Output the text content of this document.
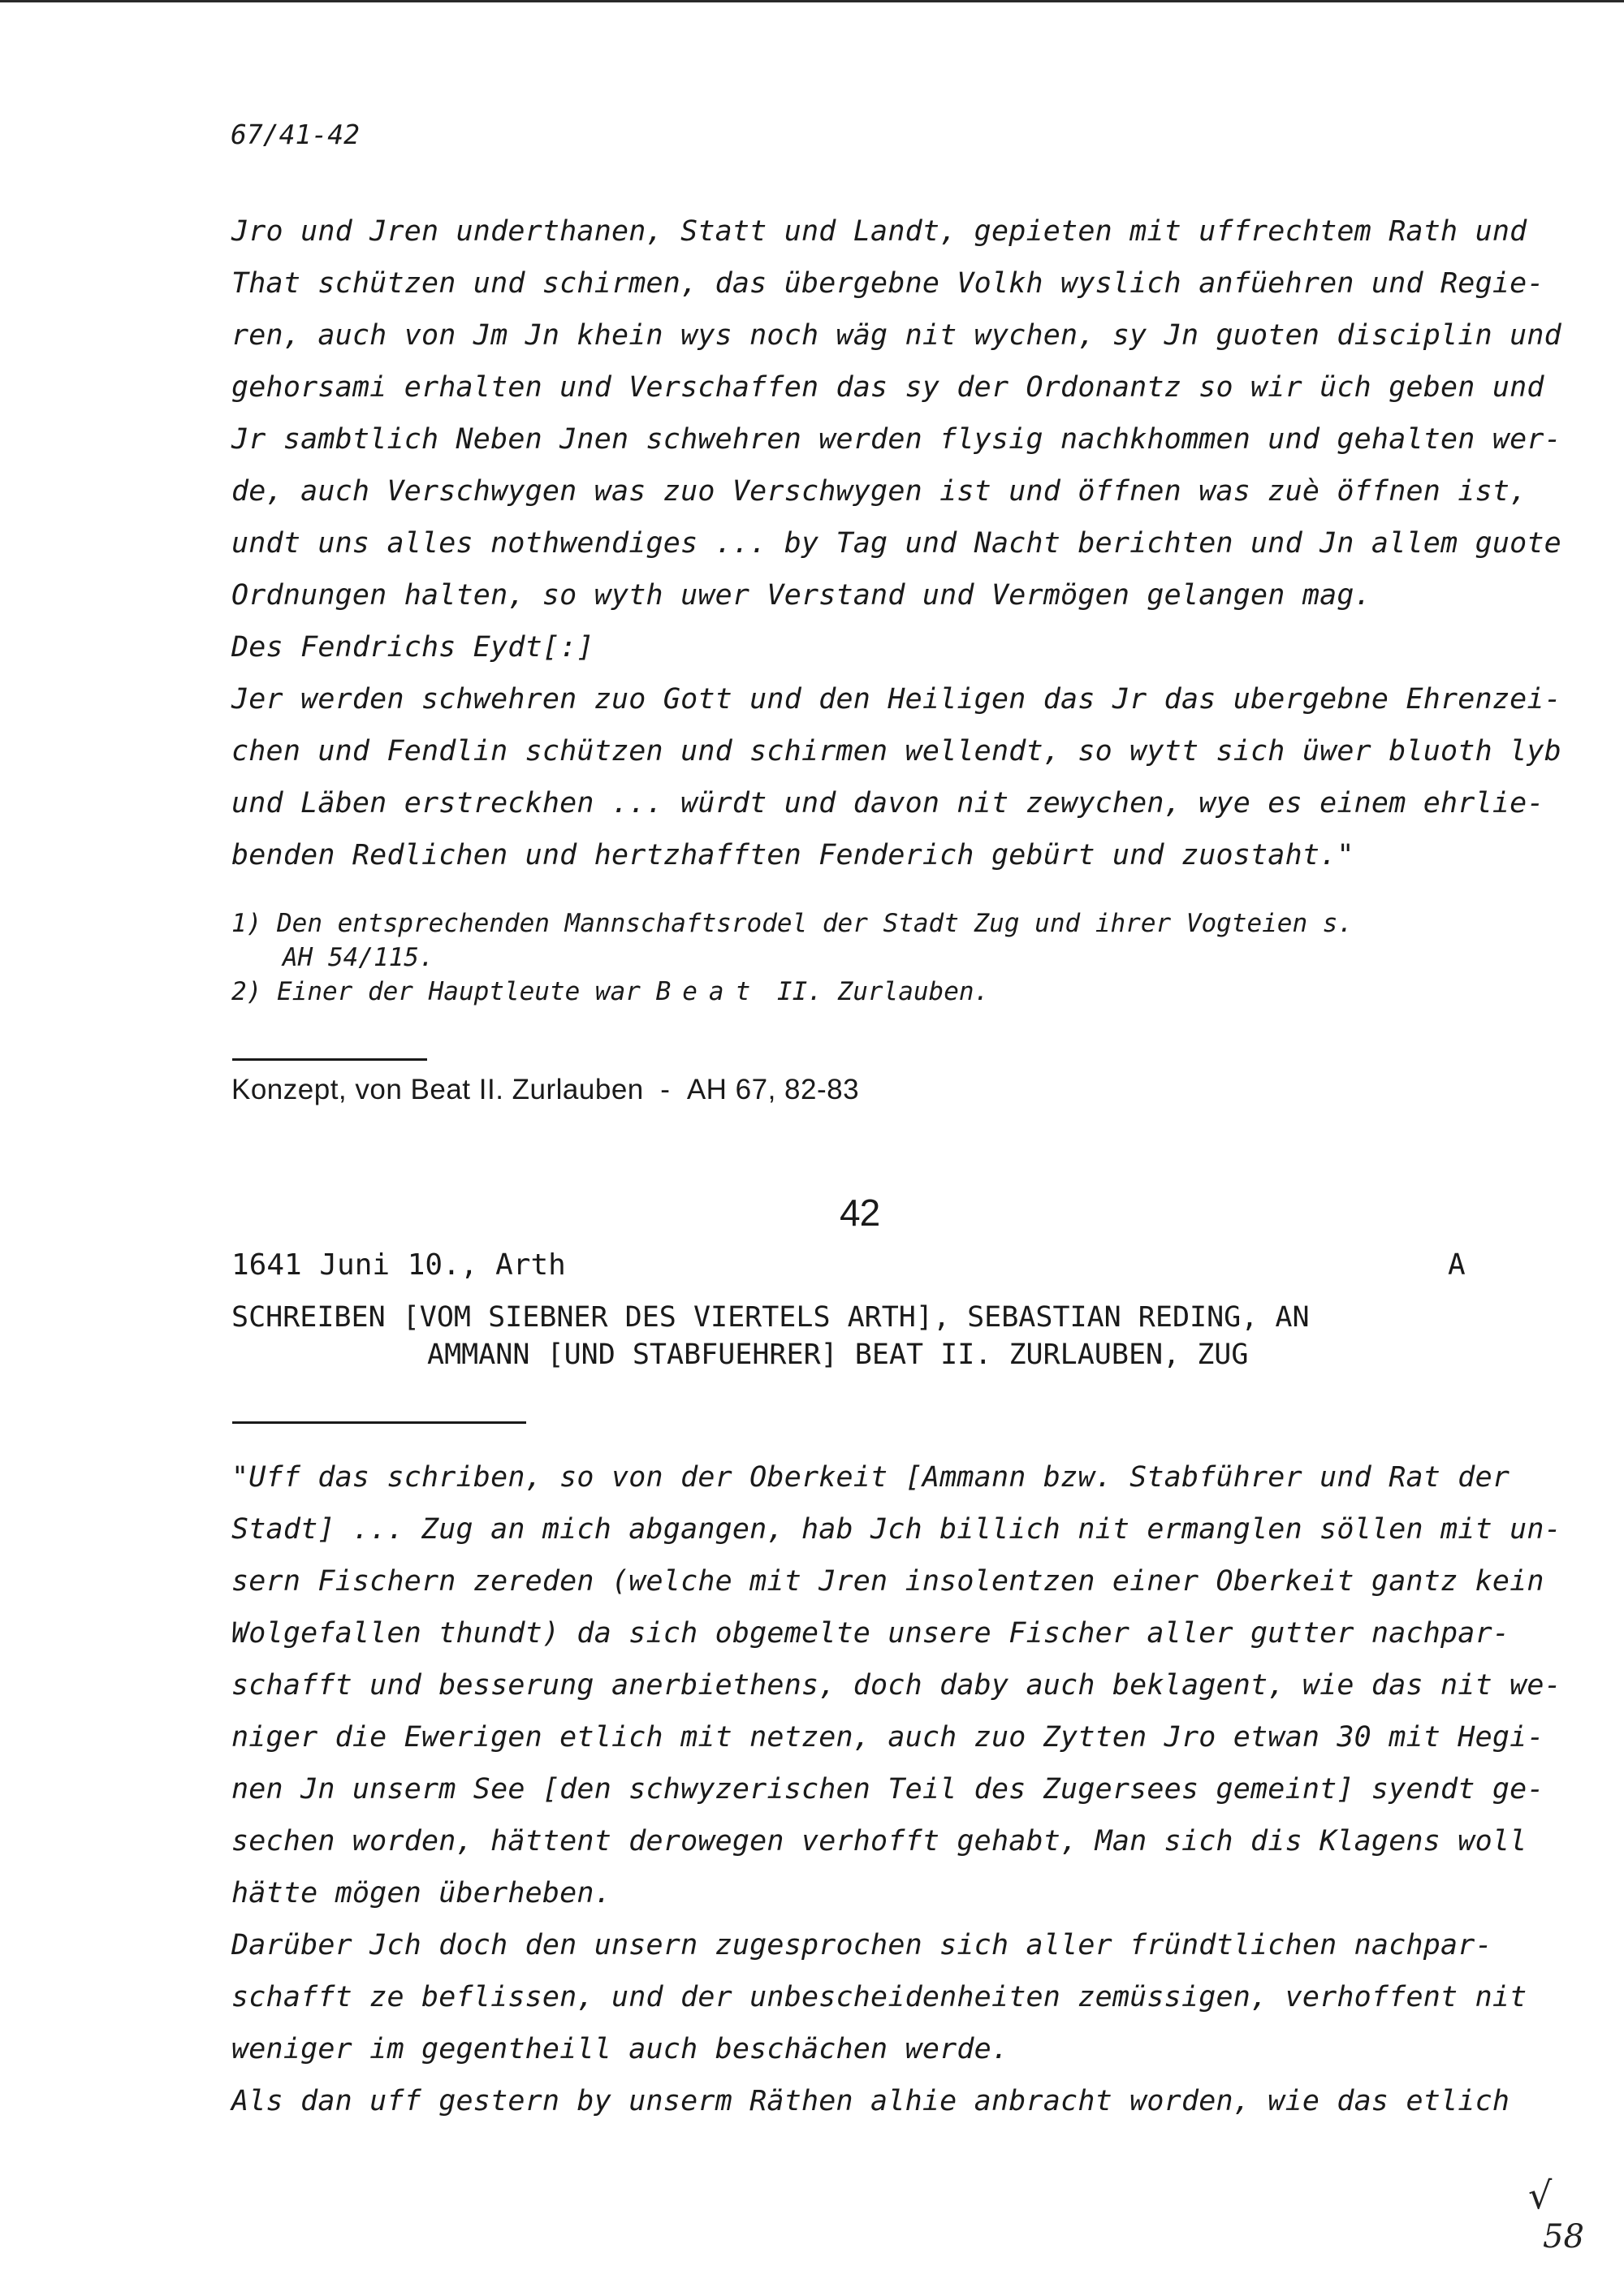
67/41-42
Jro und Jren underthanen, Statt und Landt, gepieten mit uffrechtem Rath und
That schützen und schirmen, das übergebne Volkh wyslich anfüehren und Regie-
ren, auch von Jm Jn khein wys noch wäg nit wychen, sy Jn guoten disciplin und
gehorsami erhalten und Verschaffen das sy der Ordonantz so wir üch geben und
Jr sambtlich Neben Jnen schwehren werden flysig nachkhommen und gehalten wer-
de, auch Verschwygen was zuo Verschwygen ist und öffnen was zuè öffnen ist,
undt uns alles nothwendiges ... by Tag und Nacht berichten und Jn allem guote
Ordnungen halten, so wyth uwer Verstand und Vermögen gelangen mag.
Des Fendrichs Eydt[:]
Jer werden schwehren zuo Gott und den Heiligen das Jr das ubergebne Ehrenzei-
chen und Fendlin schützen und schirmen wellendt, so wytt sich üwer bluoth lyb
und Läben erstreckhen ... würdt und davon nit zewychen, wye es einem ehrlie-
benden Redlichen und hertzhafften Fenderich gebürt und zuostaht."
1) Den entsprechenden Mannschaftsrodel der Stadt Zug und ihrer Vogteien s.
AH 54/115.
2) Einer der Hauptleute war Beat II. Zurlauben.
Konzept, von Beat II. Zurlauben - AH 67, 82-83
42
1641 Juni 10., Arth	A
SCHREIBEN [VOM SIEBNER DES VIERTELS ARTH], SEBASTIAN REDING, AN
AMMANN [UND STABFUEHRER] BEAT II. ZURLAUBEN, ZUG
"Uff das schriben, so von der Oberkeit [Ammann bzw. Stabführer und Rat der
Stadt] ... Zug an mich abgangen, hab Jch billich nit ermanglen söllen mit un-
sern Fischern zereden (welche mit Jren insolentzen einer Oberkeit gantz kein
Wolgefallen thundt) da sich obgemelte unsere Fischer aller gutter nachpar-
schafft und besserung anerbiethens, doch daby auch beklagent, wie das nit we-
niger die Ewerigen etlich mit netzen, auch zuo Zytten Jro etwan 30 mit Hegi-
nen Jn unserm See [den schwyzerischen Teil des Zugersees gemeint] syendt ge-
sechen worden, hättent derowegen verhofft gehabt, Man sich dis Klagens woll
hätte mögen überheben.
Darüber Jch doch den unsern zugesprochen sich aller fründtlichen nachpar-
schafft ze beflissen, und der unbescheidenheiten zemüssigen, verhoffent nit
weniger im gegentheill auch beschächen werde.
Als dan uff gestern by unserm Räthen alhie anbracht worden, wie das etlich
√
58
